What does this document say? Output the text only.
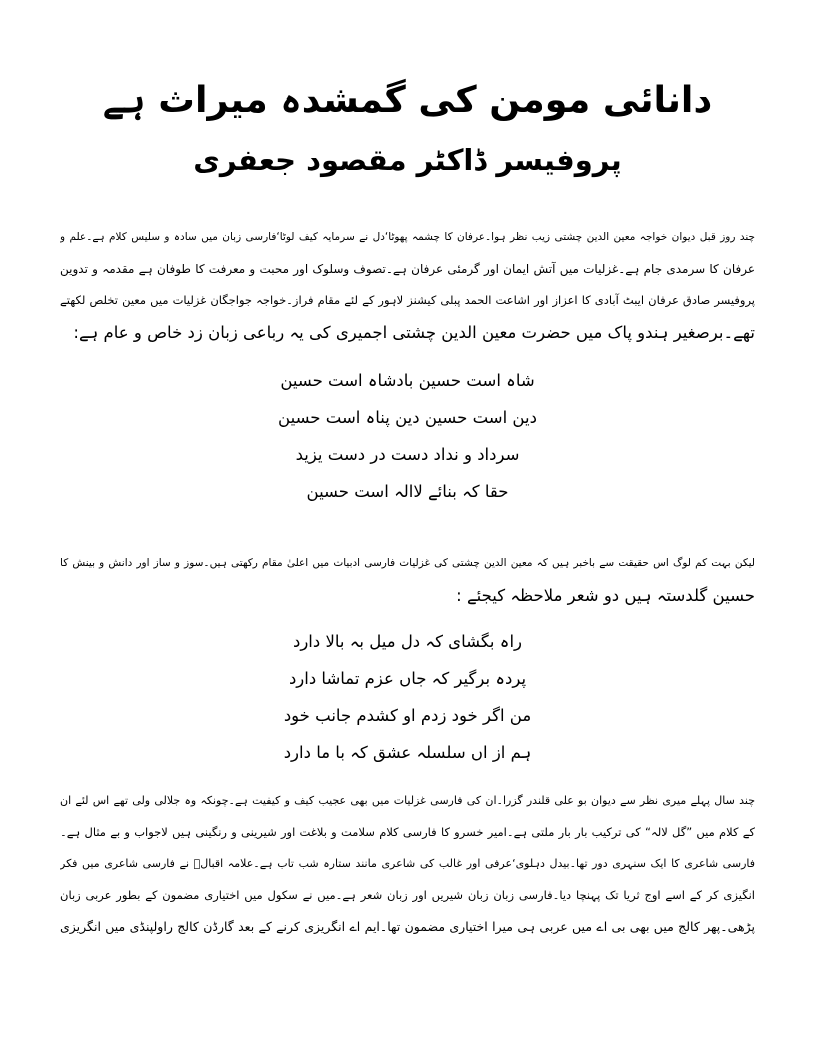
دانائی مومن کی گمشدہ میراث ہے
پروفیسر ڈاکٹر مقصود جعفری
چند روز قبل دیوان خواجہ معین الدین چشتی زیب نظر ہوا۔عرفان کا چشمہ پھوٹا‘دل نے سرمایہ کیف لوٹا‘فارسی زبان میں سادہ و سلیس کلام ہے۔علم و
عرفان کا سرمدی جام ہے۔غزلیات میں آتش ایمان اور گرمئی عرفان ہے۔تصوف وسلوک اور محبت و معرفت کا طوفان ہے مقدمہ و تدوین
پروفیسر صادق عرفان ایبٹ آبادی کا اعزاز اور اشاعت الحمد پبلی کیشنز لاہور کے لئے مقام فراز۔خواجہ جواجگان غزلیات میں معین تخلص لکھتے
تھے۔برصغیر ہندو پاک میں حضرت معین الدین چشتی اجمیری کی یہ رباعی زبان زد خاص و عام ہے:
شاہ است حسین بادشاہ است حسین
دین است حسین دین پناہ است حسین
سرداد و نداد دست در دست یزید
حقا کہ بنائے لاالہ است حسین
لیکن بہت کم لوگ اس حقیقت سے باخبر ہیں کہ معین الدین چشتی کی غزلیات فارسی ادبیات میں اعلیٰ مقام رکھتی ہیں۔سوز و ساز اور دانش و بینش کا
حسین گلدستہ ہیں دو شعر ملاحظہ کیجئے :
راہ بگشای کہ دل میل بہ بالا دارد
پردہ برگیر کہ جاں عزم تماشا دارد
من اگر خود زدم او کشدم جانب خود
ہم از اں سلسلہ عشق کہ با ما دارد
چند سال پہلے میری نظر سے دیوان بو علی قلندر گزرا۔ان کی فارسی غزلیات میں بھی عجیب کیف و کیفیت ہے۔چونکہ وہ جلالی ولی تھے اس لئے ان
کے کلام میں ”گل لالہ“ کی ترکیب بار بار ملتی ہے۔امیر خسرو کا فارسی کلام سلامت و بلاغت اور شیرینی و رنگینی ہیں لاجواب و بے مثال ہے۔
فارسی شاعری کا ایک سنہری دور تھا۔بیدل دہلوی‘عرفی اور غالب کی شاعری مانند ستارہ شب تاب ہے۔علامہ اقبالؒ نے فارسی شاعری میں فکر
انگیزی کر کے اسے اوج ثریا تک پہنچا دیا۔فارسی زبان زبان شیریں اور زبان شعر ہے۔میں نے سکول میں اختیاری مضمون کے بطور عربی زبان
پڑھی۔پھر کالج میں بھی بی اے میں عربی ہی میرا اختیاری مضمون تھا۔ایم اے انگریزی کرنے کے بعد گارڈن کالج راولپنڈی میں انگریزی
